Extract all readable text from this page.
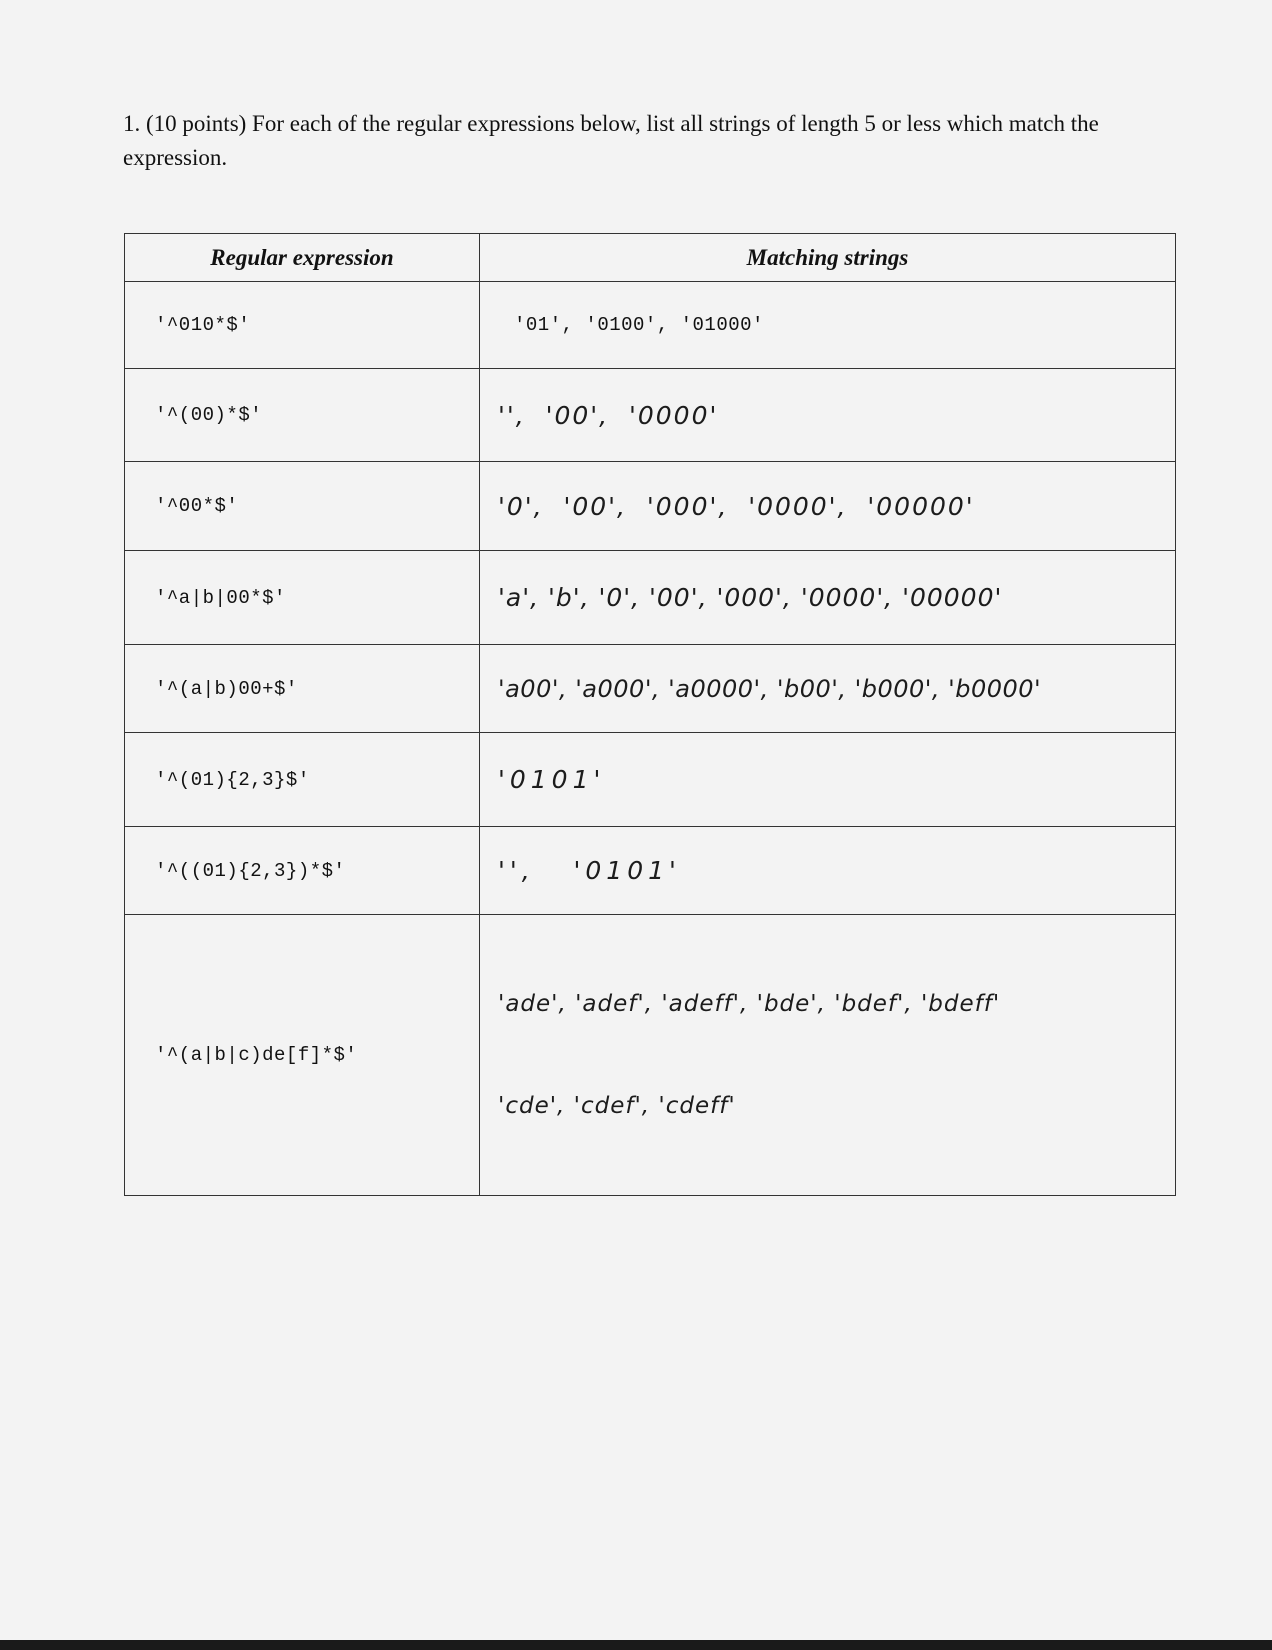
1. (10 points) For each of the regular expressions below, list all strings of length 5 or less which match the expression.
Regular expression	Matching strings
'^010*$'	'01', '0100', '01000'
'^(00)*$'	'',  '00',  '0000'
'^00*$'	'0',  '00',  '000',  '0000',  '00000'
'^a|b|00*$'	'a', 'b', '0', '00', '000', '0000', '00000'
'^(a|b)00+$'	'a00', 'a000', 'a0000', 'b00', 'b000', 'b0000'
'^(01){2,3}$'	'0101'
'^((01){2,3})*$'	'',   '0101'
'^(a|b|c)de[f]*$'	'ade', 'adef', 'adeff', 'bde', 'bdef', 'bdeff'

'cde', 'cdef', 'cdeff'
